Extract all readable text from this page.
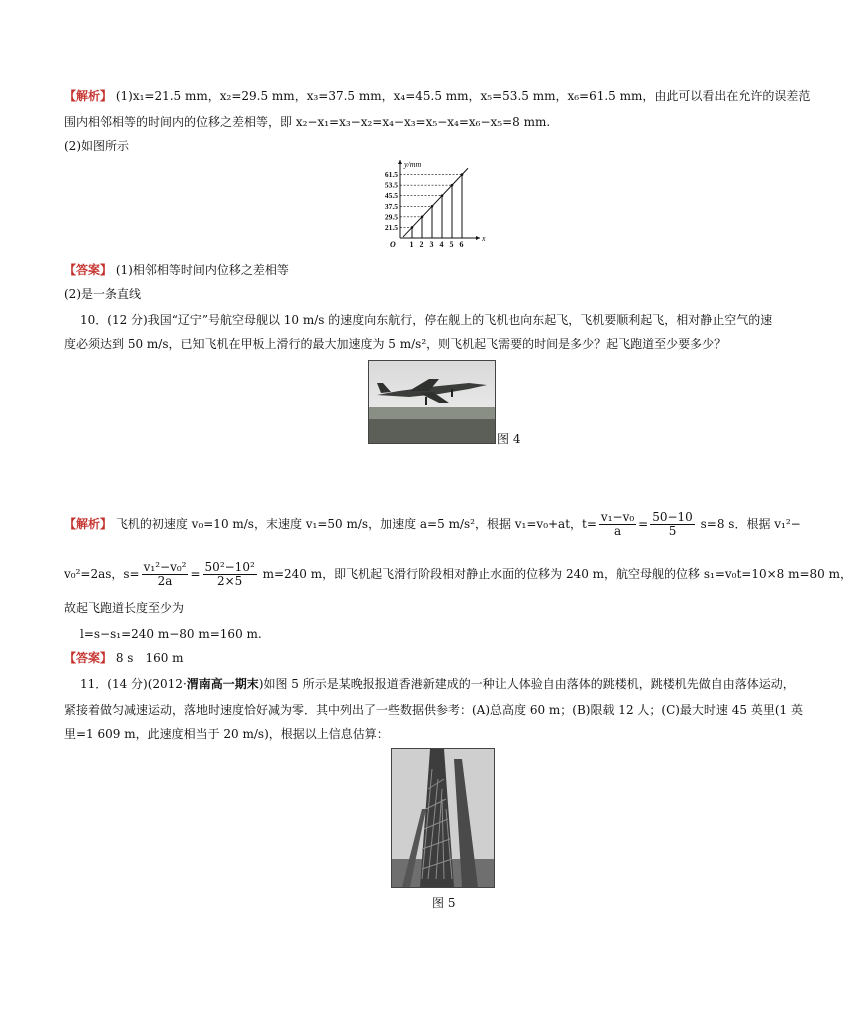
【解析】 (1)x₁=21.5 mm，x₂=29.5 mm，x₃=37.5 mm，x₄=45.5 mm，x₅=53.5 mm，x₆=61.5 mm，由此可以看出在允许的误差范
围内相邻相等的时间内的位移之差相等，即 x₂−x₁=x₃−x₂=x₄−x₃=x₅−x₄=x₆−x₅=8 mm.
(2)如图所示
y/mm
x
O 1 2 3 4 5 6
61.5
53.5
45.5
37.5
29.5
21.5
【答案】 (1)相邻相等时间内位移之差相等
(2)是一条直线
10．(12 分)我国“辽宁”号航空母舰以 10 m/s 的速度向东航行，停在舰上的飞机也向东起飞，飞机要顺利起飞，相对静止空气的速
度必须达到 50 m/s，已知飞机在甲板上滑行的最大加速度为 5 m/s²，则飞机起飞需要的时间是多少？起飞跑道至少要多少？
图 4
【解析】 飞机的初速度 v₀=10 m/s，末速度 v₁=50 m/s，加速度 a=5 m/s²，根据 v₁=v₀+at，$t= \frac{\text{v₁−v₀}}{a} = \frac{50-10}{5} s=8$ s．根据 v₁²−
v₀²=2as，$s= \frac{\text{v₁²−v₀²}}{2a} = \frac{\text{50²−10²}}{2\times 5} m=240$ m，即飞机起飞滑行阶段相对静止水面的位移为 240 m，航空母舰的位移 s₁=v₀t=10×8 m=80 m，
故起飞跑道长度至少为
l=s−s₁=240 m−80 m=160 m.
【答案】 8 s　160 m
11．(14 分)(2012·渭南高一期末)如图 5 所示是某晚报报道香港新建成的一种让人体验自由落体的跳楼机，跳楼机先做自由落体运动，
紧接着做匀减速运动，落地时速度恰好减为零．其中列出了一些数据供参考：(A)总高度 60 m；(B)限载 12 人；(C)最大时速 45 英里(1 英
里=1 609 m，此速度相当于 20 m/s)，根据以上信息估算：
图 5
